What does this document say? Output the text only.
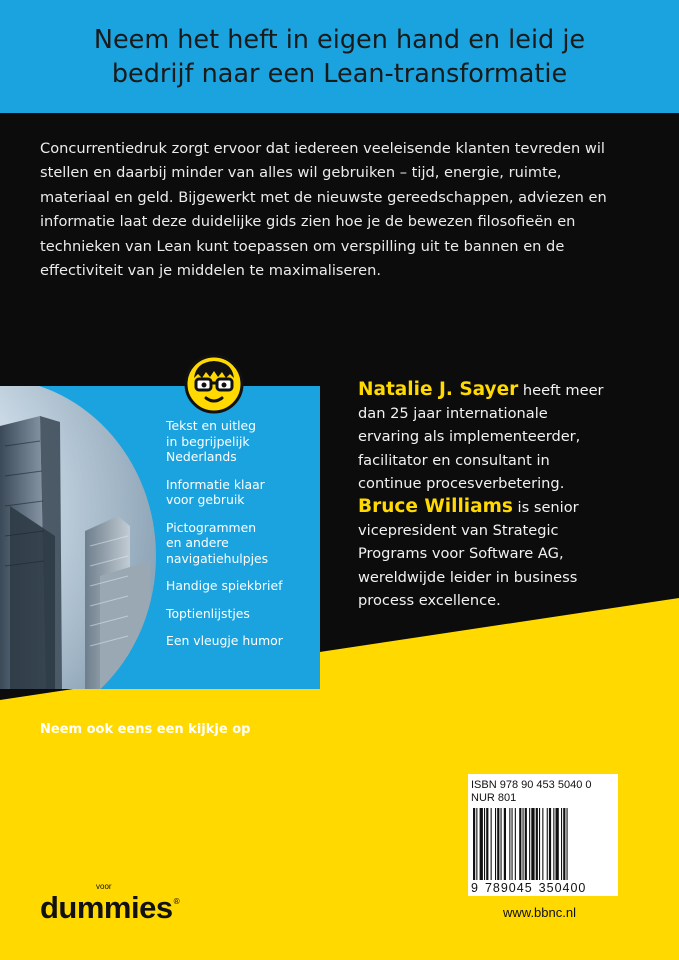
Neem het heft in eigen hand en leid je
bedrijf naar een Lean-transformatie
Concurrentiedruk zorgt ervoor dat iedereen veeleisende klanten tevreden wil
stellen en daarbij minder van alles wil gebruiken – tijd, energie, ruimte,
materiaal en geld. Bijgewerkt met de nieuwste gereedschappen, adviezen en
informatie laat deze duidelijke gids zien hoe je de bewezen filosofieën en
technieken van Lean kunt toepassen om verspilling uit te bannen en de
effectiviteit van je middelen te maximaliseren.
Tekst en uitleg
in begrijpelijk
Nederlands
Informatie klaar
voor gebruik
Pictogrammen
en andere
navigatiehulpjes
Handige spiekbrief
Toptienlijstjes
Een vleugje humor
Natalie J. Sayer heeft meer
dan 25 jaar internationale
ervaring als implementeerder,
facilitator en consultant in
continue procesverbetering.
Bruce Williams is senior
vicepresident van Strategic
Programs voor Software AG,
wereldwijde leider in business
process excellence.
Neem ook eens een kijkje op
www.dummies.nl
ISBN 978 90 453 5040 0
NUR 801
9 789045 350400
voor
dummies$_®$
www.bbnc.nl
